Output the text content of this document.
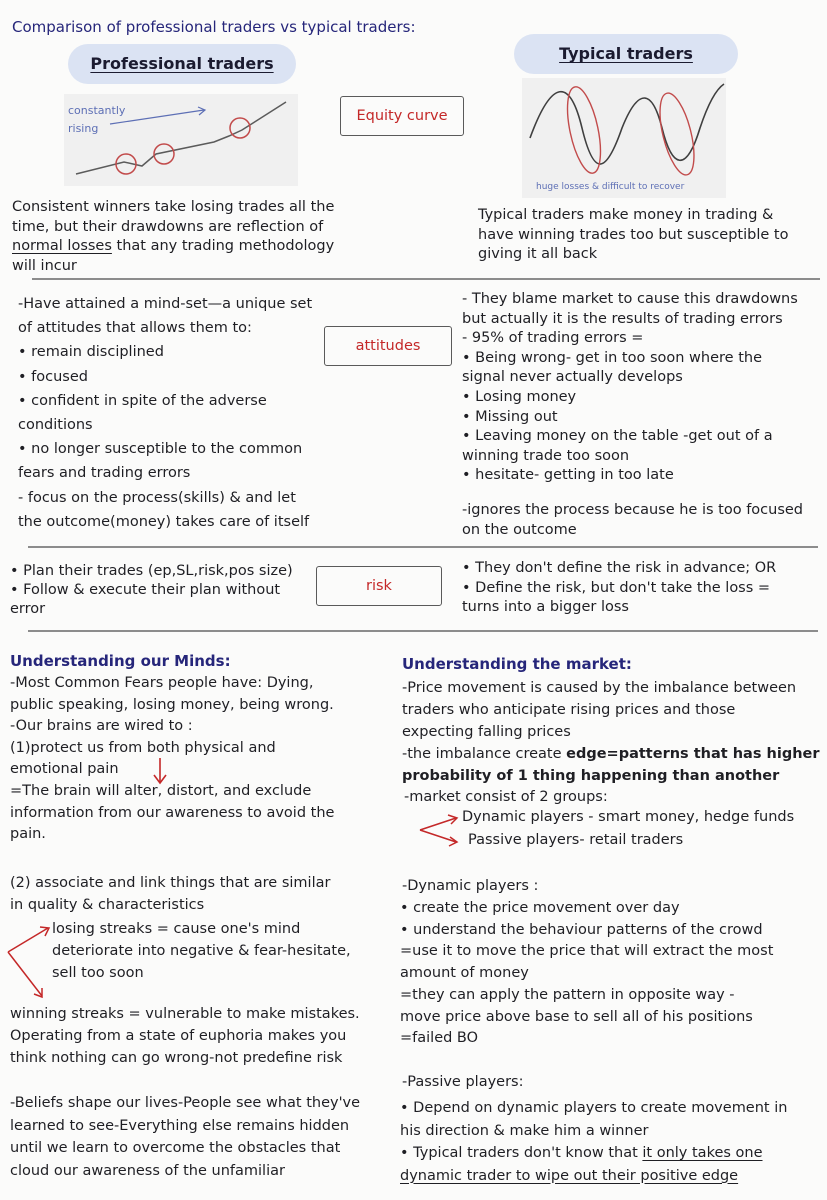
Comparison of professional traders vs typical traders:
Professional traders
Typical traders
constantly
rising
Equity curve
huge losses & difficult to recover
Consistent winners take losing trades all the
time, but their drawdowns are reflection of
normal losses that any trading methodology
will incur
Typical traders make money in trading &
have winning trades too but susceptible to
giving it all back
-Have attained a mind-set—a unique set
of attitudes that allows them to:
• remain disciplined
• focused
• confident in spite of the adverse
conditions
• no longer susceptible to the common
fears and trading errors
- focus on the process(skills) & and let
the outcome(money) takes care of itself
attitudes
- They blame market to cause this drawdowns
but actually it is the results of trading errors
- 95% of trading errors =
• Being wrong- get in too soon where the
signal never actually develops
• Losing money
• Missing out
• Leaving money on the table -get out of a
winning trade too soon
• hesitate- getting in too late
-ignores the process because he is too focused
on the outcome
• Plan their trades (ep,SL,risk,pos size)
• Follow & execute their plan without
error
risk
• They don't define the risk in advance; OR
• Define the risk, but don't take the loss =
turns into a bigger loss
Understanding our Minds:
-Most Common Fears people have: Dying,
public speaking, losing money, being wrong.
-Our brains are wired to :
(1)protect us from both physical and
emotional pain
=The brain will alter, distort, and exclude
information from our awareness to avoid the
pain.
(2) associate and link things that are similar
in quality & characteristics
losing streaks = cause one's mind
deteriorate into negative & fear-hesitate,
sell too soon
winning streaks = vulnerable to make mistakes.
Operating from a state of euphoria makes you
think nothing can go wrong-not predefine risk
-Beliefs shape our lives-People see what they've
learned to see-Everything else remains hidden
until we learn to overcome the obstacles that
cloud our awareness of the unfamiliar
Understanding the market:
-Price movement is caused by the imbalance between
traders who anticipate rising prices and those
expecting falling prices
-the imbalance create edge=patterns that has higher
probability of 1 thing happening than another
-market consist of 2 groups:
Dynamic players - smart money, hedge funds
Passive players- retail traders
-Dynamic players :
• create the price movement over day
• understand the behaviour patterns of the crowd
=use it to move the price that will extract the most
amount of money
=they can apply the pattern in opposite way -
move price above base to sell all of his positions
=failed BO
-Passive players:
• Depend on dynamic players to create movement in
his direction & make him a winner
• Typical traders don't know that it only takes one
dynamic trader to wipe out their positive edge
